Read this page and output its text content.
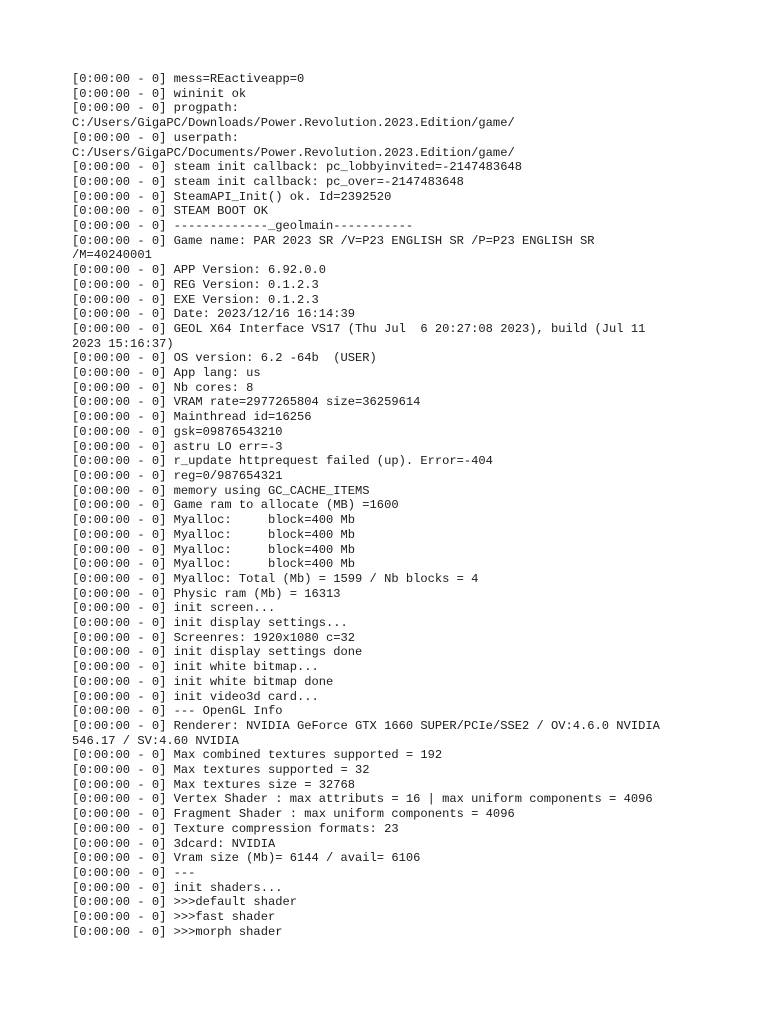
[0:00:00 - 0] mess=REactiveapp=0
[0:00:00 - 0] wininit ok
[0:00:00 - 0] progpath:
C:/Users/GigaPC/Downloads/Power.Revolution.2023.Edition/game/
[0:00:00 - 0] userpath:
C:/Users/GigaPC/Documents/Power.Revolution.2023.Edition/game/
[0:00:00 - 0] steam init callback: pc_lobbyinvited=-2147483648
[0:00:00 - 0] steam init callback: pc_over=-2147483648
[0:00:00 - 0] SteamAPI_Init() ok. Id=2392520
[0:00:00 - 0] STEAM BOOT OK
[0:00:00 - 0] -------------_geolmain-----------
[0:00:00 - 0] Game name: PAR 2023 SR /V=P23 ENGLISH SR /P=P23 ENGLISH SR
/M=40240001
[0:00:00 - 0] APP Version: 6.92.0.0
[0:00:00 - 0] REG Version: 0.1.2.3
[0:00:00 - 0] EXE Version: 0.1.2.3
[0:00:00 - 0] Date: 2023/12/16 16:14:39
[0:00:00 - 0] GEOL X64 Interface VS17 (Thu Jul  6 20:27:08 2023), build (Jul 11
2023 15:16:37)
[0:00:00 - 0] OS version: 6.2 -64b  (USER)
[0:00:00 - 0] App lang: us
[0:00:00 - 0] Nb cores: 8
[0:00:00 - 0] VRAM rate=2977265804 size=36259614
[0:00:00 - 0] Mainthread id=16256
[0:00:00 - 0] gsk=09876543210
[0:00:00 - 0] astru LO err=-3
[0:00:00 - 0] r_update httprequest failed (up). Error=-404
[0:00:00 - 0] reg=0/987654321
[0:00:00 - 0] memory using GC_CACHE_ITEMS
[0:00:00 - 0] Game ram to allocate (MB) =1600
[0:00:00 - 0] Myalloc:     block=400 Mb
[0:00:00 - 0] Myalloc:     block=400 Mb
[0:00:00 - 0] Myalloc:     block=400 Mb
[0:00:00 - 0] Myalloc:     block=400 Mb
[0:00:00 - 0] Myalloc: Total (Mb) = 1599 / Nb blocks = 4
[0:00:00 - 0] Physic ram (Mb) = 16313
[0:00:00 - 0] init screen...
[0:00:00 - 0] init display settings...
[0:00:00 - 0] Screenres: 1920x1080 c=32
[0:00:00 - 0] init display settings done
[0:00:00 - 0] init white bitmap...
[0:00:00 - 0] init white bitmap done
[0:00:00 - 0] init video3d card...
[0:00:00 - 0] --- OpenGL Info
[0:00:00 - 0] Renderer: NVIDIA GeForce GTX 1660 SUPER/PCIe/SSE2 / OV:4.6.0 NVIDIA
546.17 / SV:4.60 NVIDIA
[0:00:00 - 0] Max combined textures supported = 192
[0:00:00 - 0] Max textures supported = 32
[0:00:00 - 0] Max textures size = 32768
[0:00:00 - 0] Vertex Shader : max attributs = 16 | max uniform components = 4096
[0:00:00 - 0] Fragment Shader : max uniform components = 4096
[0:00:00 - 0] Texture compression formats: 23
[0:00:00 - 0] 3dcard: NVIDIA
[0:00:00 - 0] Vram size (Mb)= 6144 / avail= 6106
[0:00:00 - 0] ---
[0:00:00 - 0] init shaders...
[0:00:00 - 0] >>>default shader
[0:00:00 - 0] >>>fast shader
[0:00:00 - 0] >>>morph shader
